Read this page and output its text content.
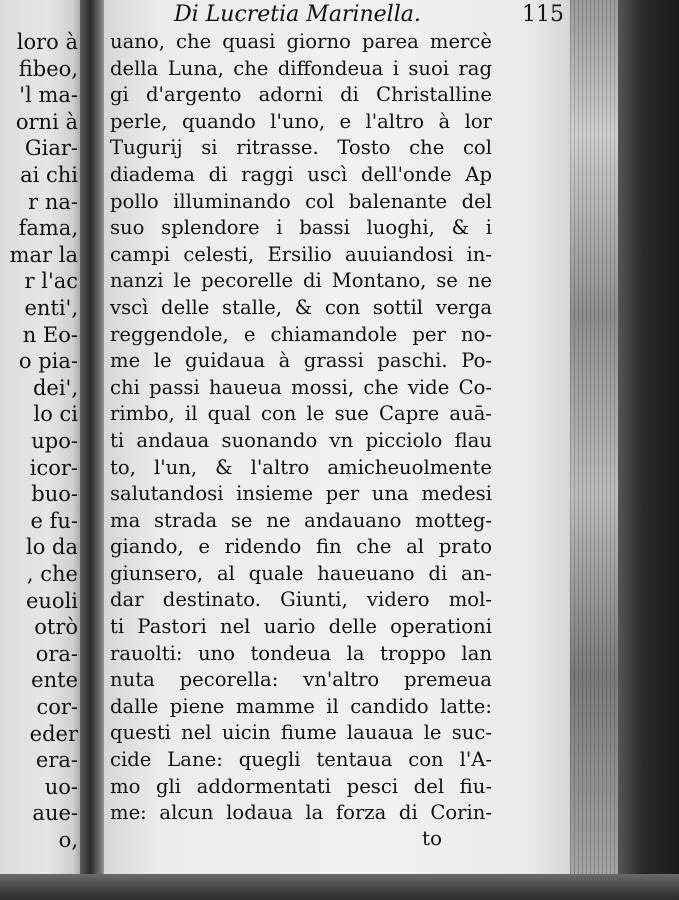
loro à
fibeo,
'l ma-
orni à
Giar-
ai chi
r na-
fama,
mar la
r l'ac
enti',
n Eo-
o pia-
dei',
lo ci
upo-
icor-
buo-
e fu-
lo da
, che
euoli
otrò
ora-
ente
cor-
eder
era-
uo-
aue-
o,
Di Lucretia Marinella.	115
uano, che quasi giorno parea mercè
della Luna, che diffondeua i suoi rag
gi d'argento adorni di Christalline
perle, quando l'uno, e l'altro à lor
Tugurij si ritrasse. Tosto che col
diadema di raggi uscì dell'onde Ap
pollo illuminando col balenante del
suo splendore i bassi luoghi, & i
campi celesti, Ersilio auuiandosi in-
nanzi le pecorelle di Montano, se ne
vscì delle stalle, & con sottil verga
reggendole, e chiamandole per no-
me le guidaua à grassi paschi. Po-
chi passi haueua mossi, che vide Co-
rimbo, il qual con le sue Capre auā-
ti andaua suonando vn picciolo flau
to, l'un, & l'altro amicheuolmente
salutandosi insieme per una medesi
ma strada se ne andauano motteg-
giando, e ridendo fin che al prato
giunsero, al quale haueuano di an-
dar destinato. Giunti, videro mol-
ti Pastori nel uario delle operationi
rauolti: uno tondeua la troppo lan
nuta pecorella: vn'altro premeua
dalle piene mamme il candido latte:
questi nel uicin fiume lauaua le suc-
cide Lane: quegli tentaua con l'A-
mo gli addormentati pesci del fiu-
me: alcun lodaua la forza di Corin-
to
